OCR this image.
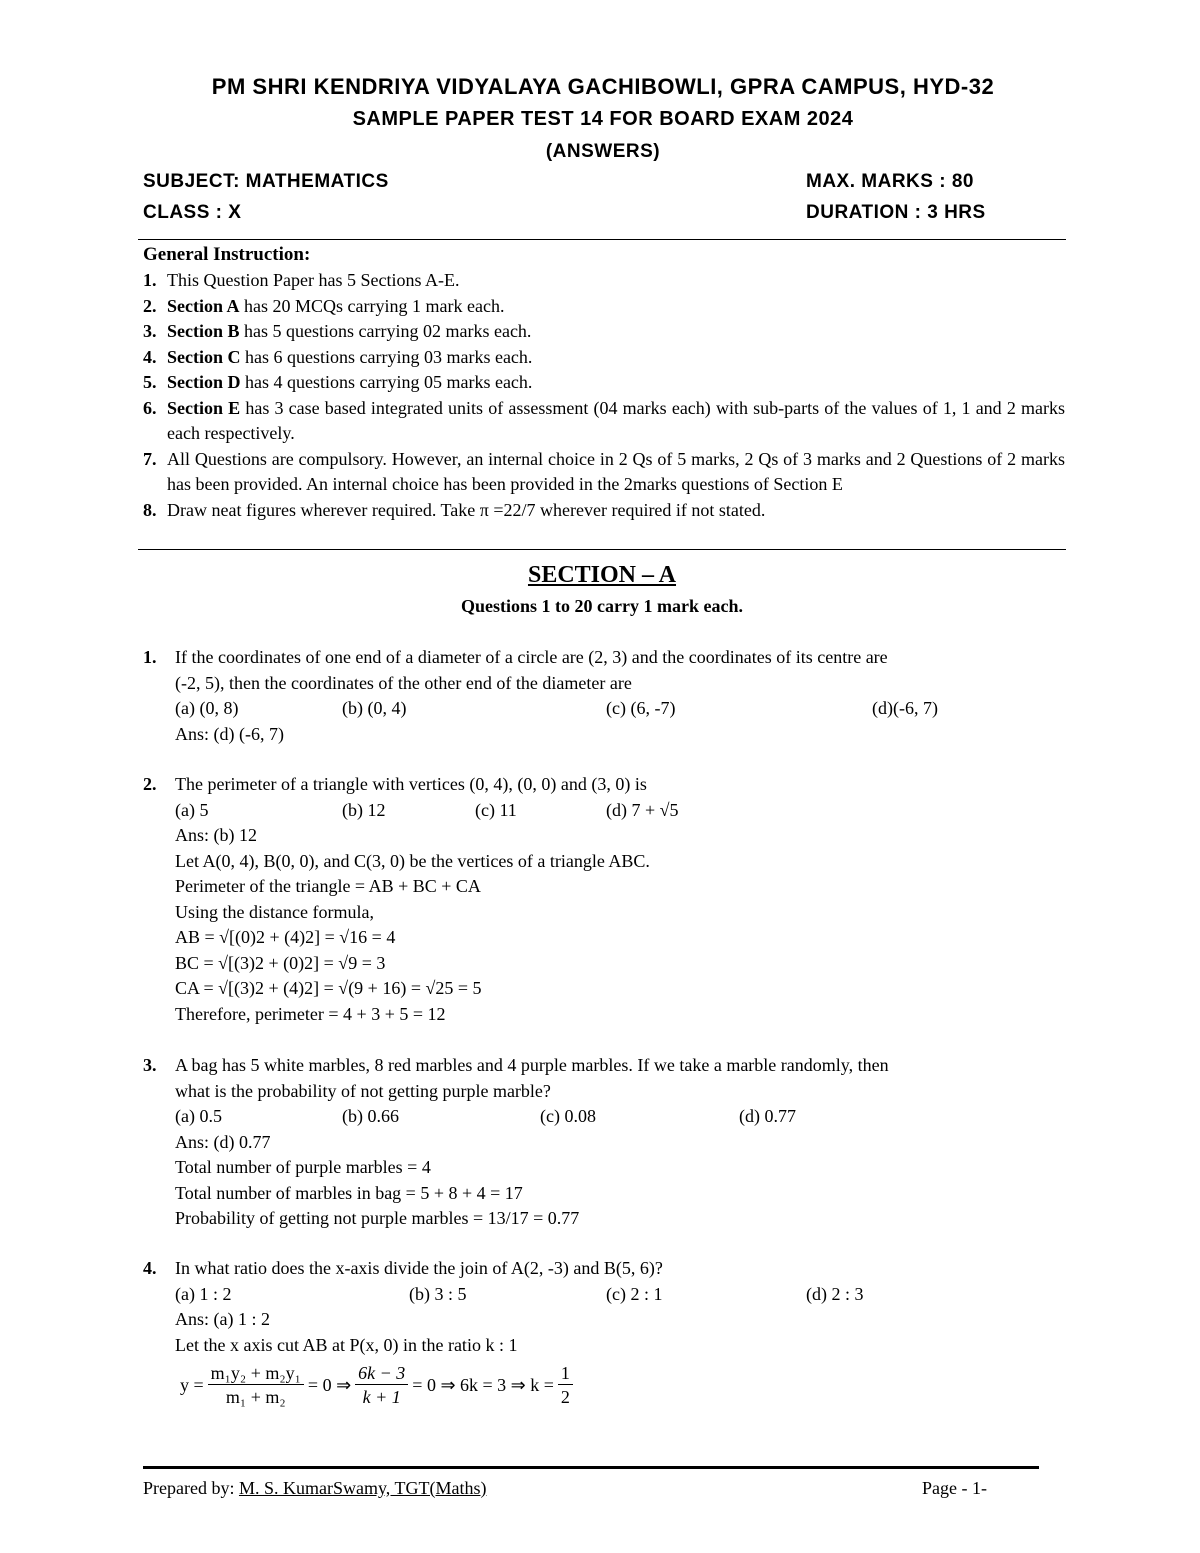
PM SHRI KENDRIYA VIDYALAYA GACHIBOWLI, GPRA CAMPUS, HYD-32
SAMPLE PAPER TEST 14 FOR BOARD EXAM 2024
(ANSWERS)
SUBJECT: MATHEMATICS	MAX. MARKS : 80
CLASS : X	DURATION : 3 HRS
General Instruction:
1. This Question Paper has 5 Sections A-E.
2. Section A has 20 MCQs carrying 1 mark each.
3. Section B has 5 questions carrying 02 marks each.
4. Section C has 6 questions carrying 03 marks each.
5. Section D has 4 questions carrying 05 marks each.
6. Section E has 3 case based integrated units of assessment (04 marks each) with sub-parts of the values of 1, 1 and 2 marks each respectively.
7. All Questions are compulsory. However, an internal choice in 2 Qs of 5 marks, 2 Qs of 3 marks and 2 Questions of 2 marks has been provided. An internal choice has been provided in the 2marks questions of Section E
8. Draw neat figures wherever required. Take π =22/7 wherever required if not stated.
SECTION – A
Questions 1 to 20 carry 1 mark each.
1. If the coordinates of one end of a diameter of a circle are (2, 3) and the coordinates of its centre are
(-2, 5), then the coordinates of the other end of the diameter are
(a) (0, 8)	(b) (0, 4)	(c) (6, -7)	(d)(-6, 7)
Ans: (d) (-6, 7)
2. The perimeter of a triangle with vertices (0, 4), (0, 0) and (3, 0) is
(a) 5	(b) 12	(c) 11	(d) 7 + √5
Ans: (b) 12
Let A(0, 4), B(0, 0), and C(3, 0) be the vertices of a triangle ABC.
Perimeter of the triangle = AB + BC + CA
Using the distance formula,
AB = √[(0)2 + (4)2] = √16 = 4
BC = √[(3)2 + (0)2] = √9 = 3
CA = √[(3)2 + (4)2] = √(9 + 16) = √25 = 5
Therefore, perimeter = 4 + 3 + 5 = 12
3. A bag has 5 white marbles, 8 red marbles and 4 purple marbles. If we take a marble randomly, then
what is the probability of not getting purple marble?
(a) 0.5	(b) 0.66	(c) 0.08	(d) 0.77
Ans: (d) 0.77
Total number of purple marbles = 4
Total number of marbles in bag = 5 + 8 + 4 = 17
Probability of getting not purple marbles = 13/17 = 0.77
4. In what ratio does the x-axis divide the join of A(2, -3) and B(5, 6)?
(a) 1 : 2	(b) 3 : 5	(c) 2 : 1	(d) 2 : 3
Ans: (a) 1 : 2
Let the x axis cut AB at P(x, 0) in the ratio k : 1
$y = \frac{\text{m₁y₂ + m₂y₁}}{\text{m₁ + m₂}} = 0$ ⇒ $\frac{6k - 3}{k + 1} = 0$ ⇒ 6k = 3 ⇒ $k = \frac{1}{2}$
Prepared by: M. S. KumarSwamy, TGT(Maths)	Page - 1-
